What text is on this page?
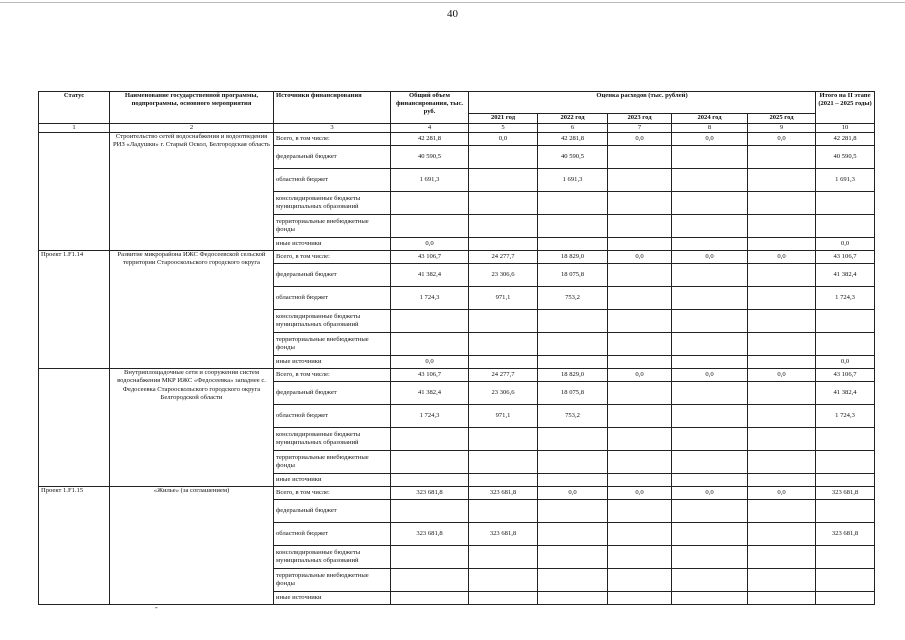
40
Статус	Наименование государственной программы, подпрограммы, основного мероприятия	Источники финансирования	Общий объем финансирования, тыс. руб.	Оценка расходов (тыс. рублей)					Итого на II этапе (2021 – 2025 годы)
				2021 год	2022 год	2023 год	2024 год	2025 год	
1	2	3	4	5	6	7	8	9	10
	Строительство сетей водоснабжения и водоотведения РИЗ «Ладушки» г. Старый Оскол, Белгородская область	Всего, в том числе:	42 281,8	0,0	42 281,8	0,0	0,0	0,0	42 281,8
		федеральный бюджет	40 590,5		40 590,5				40 590,5
		областной бюджет	1 691,3		1 691,3				1 691,3
		консолидированные бюджеты муниципальных образований							
		территориальные внебюджетные фонды							
		иные источники	0,0						0,0
Проект 1.F1.14	Развитие микрорайона ИЖС Федосеевской сельской территории Старооскольского городского округа	Всего, в том числе:	43 106,7	24 277,7	18 829,0	0,0	0,0	0,0	43 106,7
		федеральный бюджет	41 382,4	23 306,6	18 075,8				41 382,4
		областной бюджет	1 724,3	971,1	753,2				1 724,3
		консолидированные бюджеты муниципальных образований							
		территориальные внебюджетные фонды							
		иные источники	0,0						0,0
	Внутриплощадочные сети и сооружения систем водоснабжения МКР ИЖС «Федосеевка» западнее с. Федосеевка Старооскольского городского округа Белгородской области	Всего, в том числе:	43 106,7	24 277,7	18 829,0	0,0	0,0	0,0	43 106,7
		федеральный бюджет	41 382,4	23 306,6	18 075,8				41 382,4
		областной бюджет	1 724,3	971,1	753,2				1 724,3
		консолидированные бюджеты муниципальных образований							
		территориальные внебюджетные фонды							
		иные источники							
Проект 1.F1.15	«Жилье» (за соглашением)	Всего, в том числе:	323 681,8	323 681,8	0,0	0,0	0,0	0,0	323 681,8
		федеральный бюджет							
		областной бюджет	323 681,8	323 681,8					323 681,8
		консолидированные бюджеты муниципальных образований							
		территориальные внебюджетные фонды							
		иные источники							
-
